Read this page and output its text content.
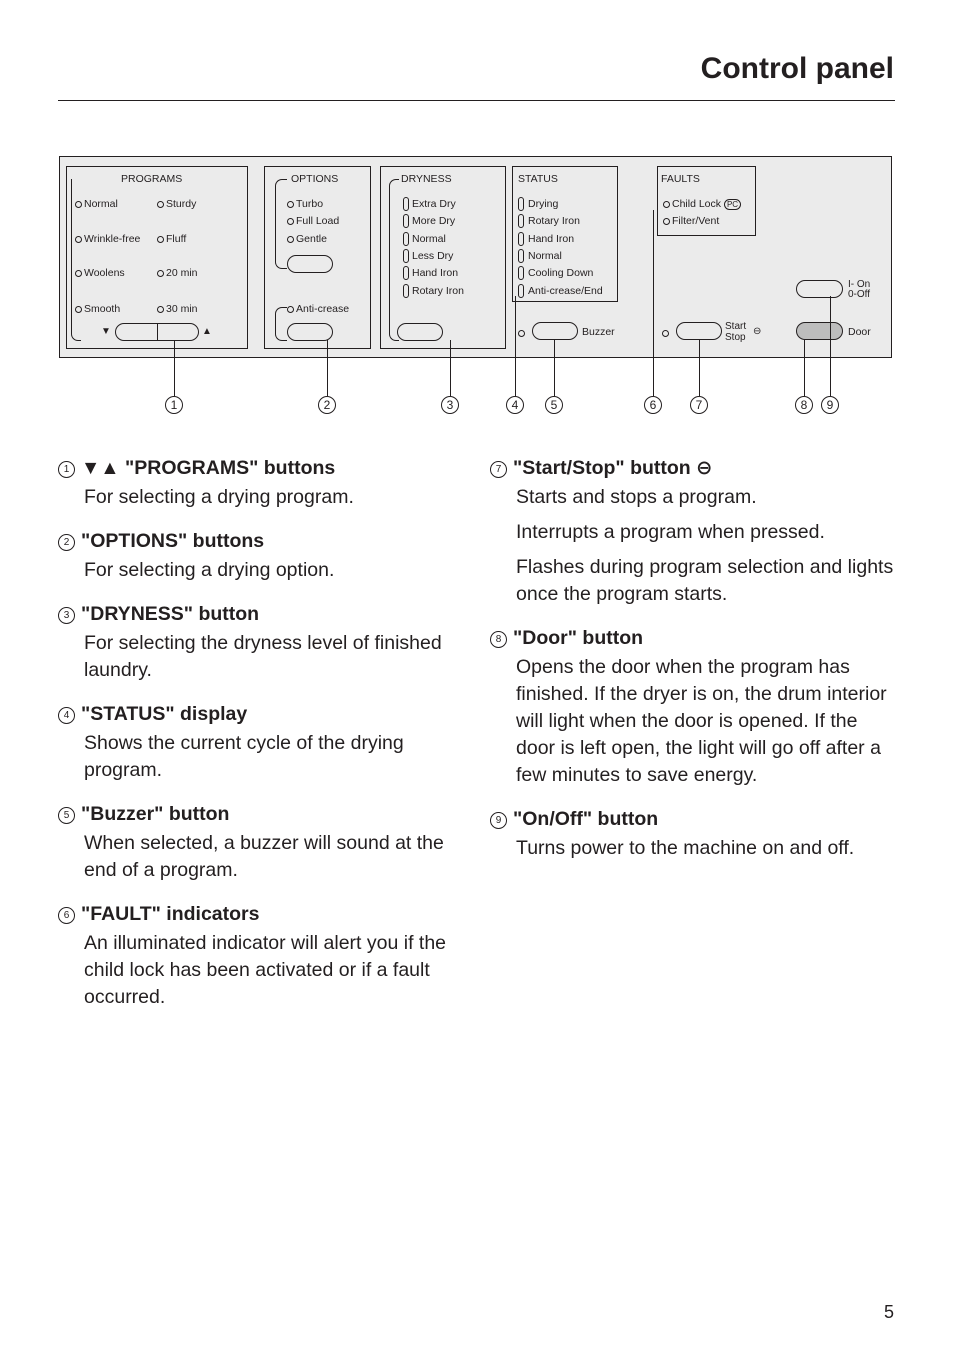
Control panel
PROGRAMS
Normal	Sturdy
Wrinkle-free	Fluff
Woolens	20 min
Smooth	30 min
▼	▲
OPTIONS
Turbo
Full Load
Gentle
Anti-crease
DRYNESS
Extra Dry
More Dry
Normal
Less Dry
Hand Iron
Rotary Iron
STATUS
Drying
Rotary Iron
Hand Iron
Normal
Cooling Down
Anti-crease/End
Buzzer
FAULTS
Child Lock PC
Filter/Vent
Start
Stop
⊖
I- On
0-Off
Door
1	2	3	4	5	6	7	8	9
1 ▼▲ "PROGRAMS" buttons

For selecting a drying program.

2 "OPTIONS" buttons

For selecting a drying option.

3 "DRYNESS" button

For selecting the dryness level of finished laundry.

4 "STATUS" display

Shows the current cycle of the drying program.

5 "Buzzer" button

When selected, a buzzer will sound at the end of a program.

6 "FAULT" indicators

An illuminated indicator will alert you if the child lock has been activated or if a fault occurred.

7 "Start/Stop" button ⊖

Starts and stops a program.

Interrupts a program when pressed.

Flashes during program selection and lights once the program starts.

8 "Door" button

Opens the door when the program has finished. If the dryer is on, the drum interior will light when the door is opened. If the door is left open, the light will go off after a few minutes to save energy.

9 "On/Off" button

Turns power to the machine on and off.

5
